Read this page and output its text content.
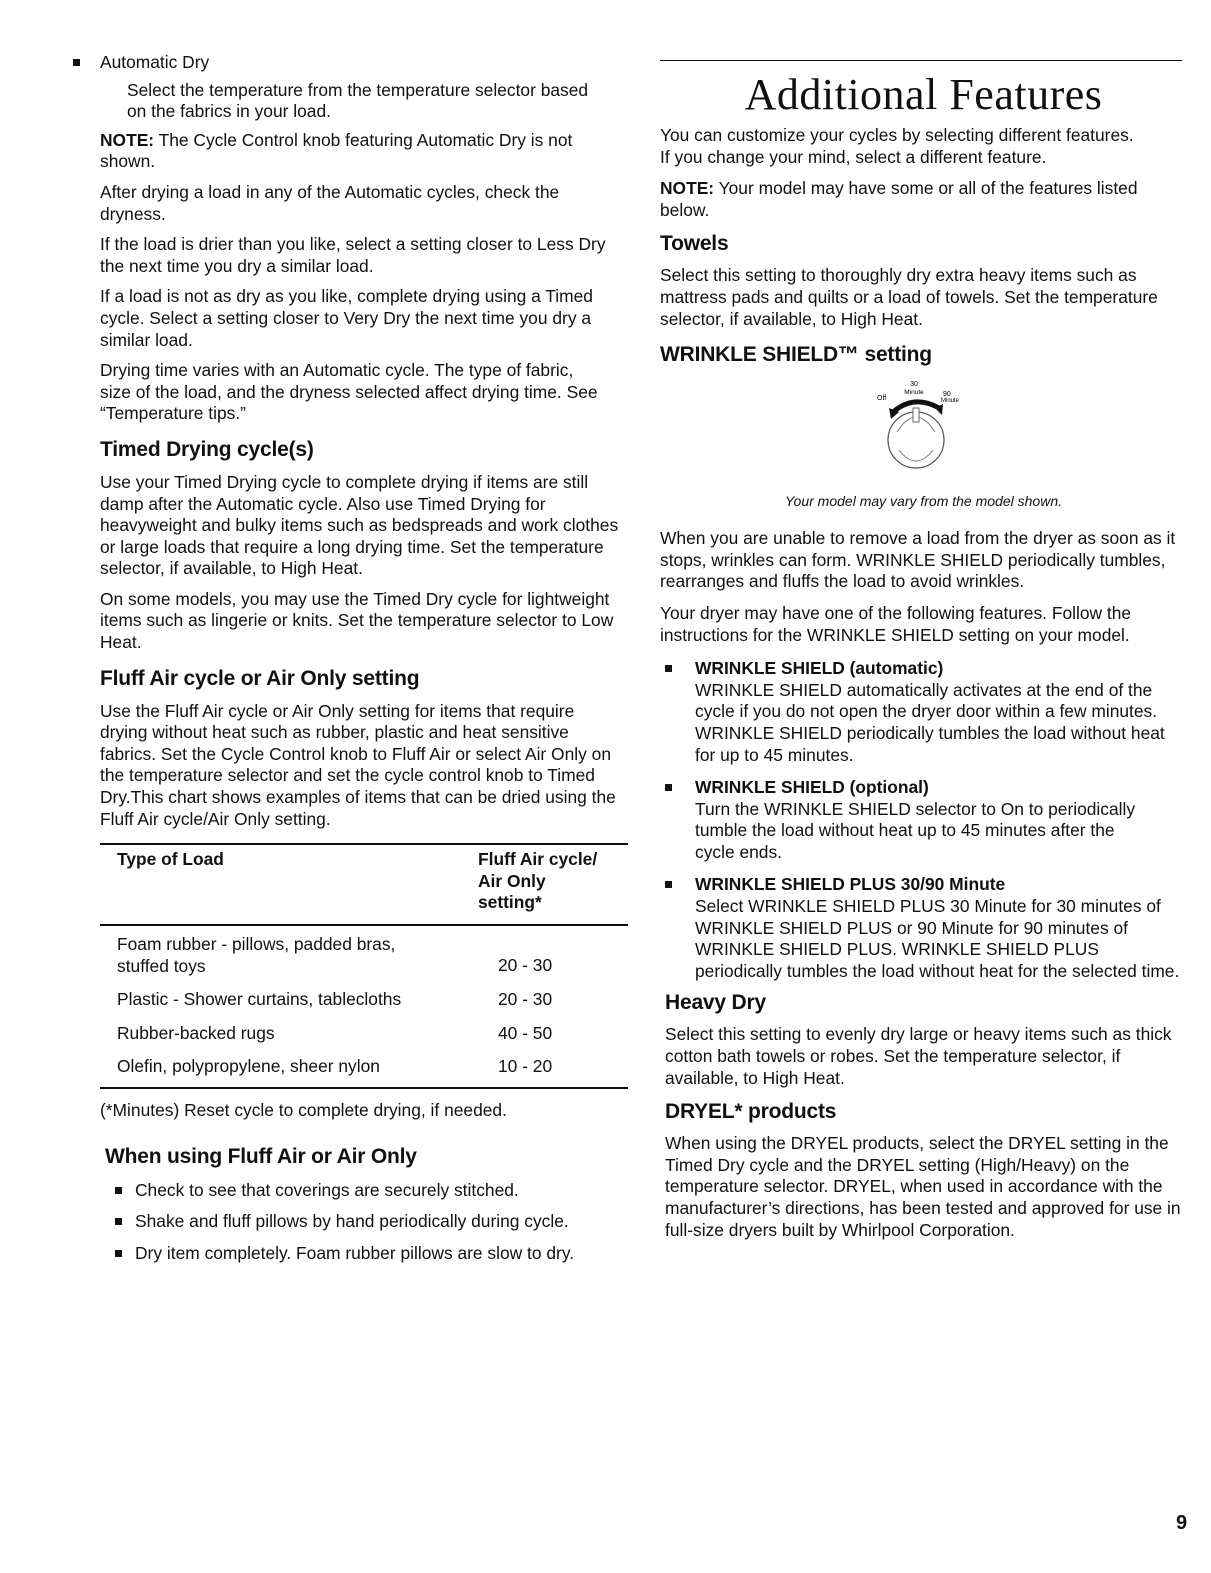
Automatic Dry

Select the temperature from the temperature selector based on the fabrics in your load.

NOTE: The Cycle Control knob featuring Automatic Dry is not shown.

After drying a load in any of the Automatic cycles, check the dryness.

If the load is drier than you like, select a setting closer to Less Dry the next time you dry a similar load.

If a load is not as dry as you like, complete drying using a Timed cycle. Select a setting closer to Very Dry the next time you dry a similar load.

Drying time varies with an Automatic cycle. The type of fabric, size of the load, and the dryness selected affect drying time. See “Temperature tips.”

Timed Drying cycle(s)

Use your Timed Drying cycle to complete drying if items are still damp after the Automatic cycle. Also use Timed Drying for heavyweight and bulky items such as bedspreads and work clothes or large loads that require a long drying time. Set the temperature selector, if available, to High Heat.

On some models, you may use the Timed Dry cycle for lightweight items such as lingerie or knits. Set the temperature selector to Low Heat.

Fluff Air cycle or Air Only setting

Use the Fluff Air cycle or Air Only setting for items that require drying without heat such as rubber, plastic and heat sensitive fabrics. Set the Cycle Control knob to Fluff Air or select Air Only on the temperature selector and set the cycle control knob to Timed Dry.This chart shows examples of items that can be dried using the Fluff Air cycle/Air Only setting.

Type of Load	Fluff Air cycle/
Air Only
setting*
Foam rubber - pillows, padded bras,
stuffed toys	20 - 30
Plastic - Shower curtains, tablecloths	20 - 30
Rubber-backed rugs	40 - 50
Olefin, polypropylene, sheer nylon	10 - 20

(*Minutes) Reset cycle to complete drying, if needed.

When using Fluff Air or Air Only

Check to see that coverings are securely stitched.

Shake and fluff pillows by hand periodically during cycle.

Dry item completely. Foam rubber pillows are slow to dry.

Additional Features

You can customize your cycles by selecting different features. If you change your mind, select a different feature.

NOTE: Your model may have some or all of the features listed below.

Towels

Select this setting to thoroughly dry extra heavy items such as mattress pads and quilts or a load of towels. Set the temperature selector, if available, to High Heat.

WRINKLE SHIELD™ setting
30
Minute
Off
90
Minute

Your model may vary from the model shown.

When you are unable to remove a load from the dryer as soon as it stops, wrinkles can form. WRINKLE SHIELD periodically tumbles, rearranges and fluffs the load to avoid wrinkles.

Your dryer may have one of the following features. Follow the instructions for the WRINKLE SHIELD setting on your model.

WRINKLE SHIELD (automatic)

WRINKLE SHIELD automatically activates at the end of the cycle if you do not open the dryer door within a few minutes. WRINKLE SHIELD periodically tumbles the load without heat for up to 45 minutes.

WRINKLE SHIELD (optional)

Turn the WRINKLE SHIELD selector to On to periodically tumble the load without heat up to 45 minutes after the cycle ends.

WRINKLE SHIELD PLUS 30/90 Minute

Select WRINKLE SHIELD PLUS 30 Minute for 30 minutes of WRINKLE SHIELD PLUS or 90 Minute for 90 minutes of WRINKLE SHIELD PLUS. WRINKLE SHIELD PLUS periodically tumbles the load without heat for the selected time.

Heavy Dry

Select this setting to evenly dry large or heavy items such as thick cotton bath towels or robes. Set the temperature selector, if available, to High Heat.

DRYEL* products

When using the DRYEL products, select the DRYEL setting in the Timed Dry cycle and the DRYEL setting (High/Heavy) on the temperature selector. DRYEL, when used in accordance with the manufacturer’s directions, has been tested and approved for use in full-size dryers built by Whirlpool Corporation.

9
